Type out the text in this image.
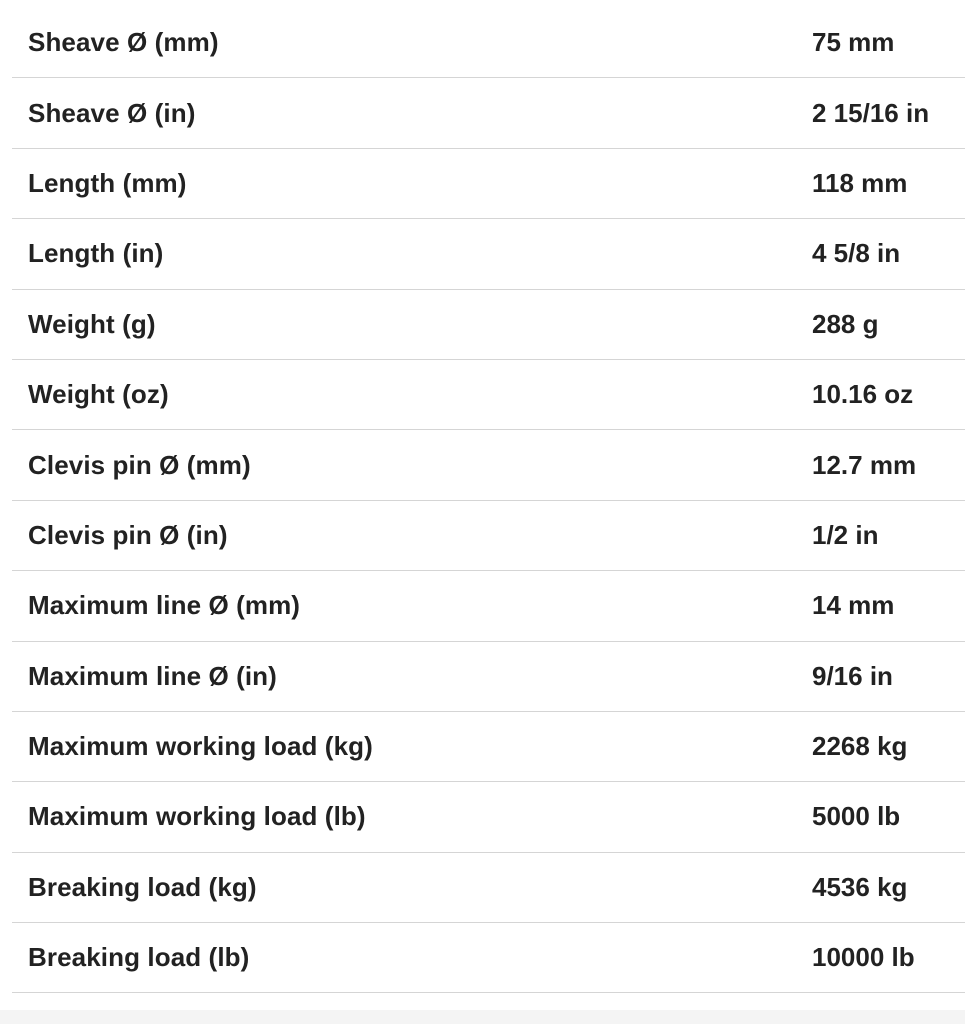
Sheave Ø (mm)	75 mm
Sheave Ø (in)	2 15/16 in
Length (mm)	118 mm
Length (in)	4 5/8 in
Weight (g)	288 g
Weight (oz)	10.16 oz
Clevis pin Ø (mm)	12.7 mm
Clevis pin Ø (in)	1/2 in
Maximum line Ø (mm)	14 mm
Maximum line Ø (in)	9/16 in
Maximum working load (kg)	2268 kg
Maximum working load (lb)	5000 lb
Breaking load (kg)	4536 kg
Breaking load (lb)	10000 lb
